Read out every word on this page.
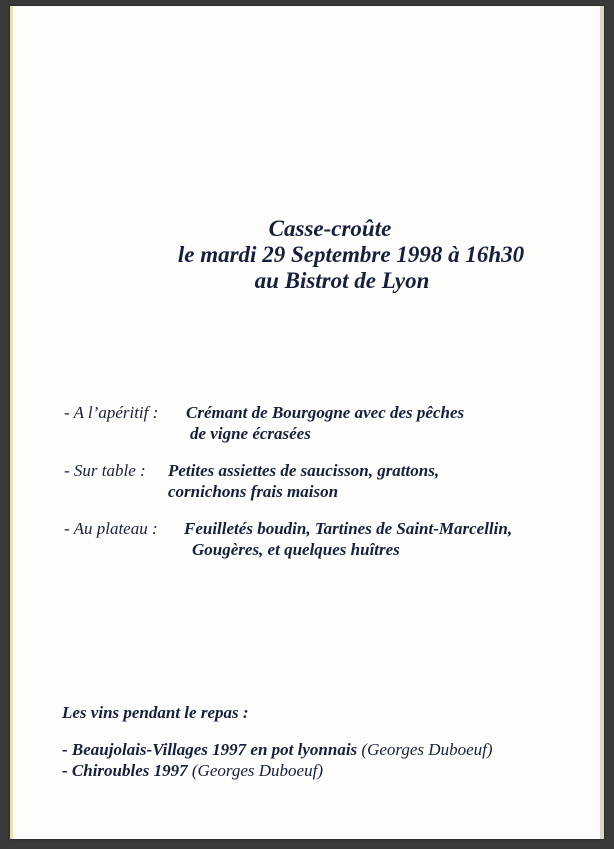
Casse-croûte
le mardi 29 Septembre 1998 à 16h30
au Bistrot de Lyon
- A l’apéritif : Crémant de Bourgogne avec des pêches
de vigne écrasées
- Sur table : Petites assiettes de saucisson, grattons,
cornichons frais maison
- Au plateau : Feuilletés boudin, Tartines de Saint-Marcellin,
Gougères, et quelques huîtres
Les vins pendant le repas :
- Beaujolais-Villages 1997 en pot lyonnais (Georges Duboeuf)
- Chiroubles 1997 (Georges Duboeuf)
